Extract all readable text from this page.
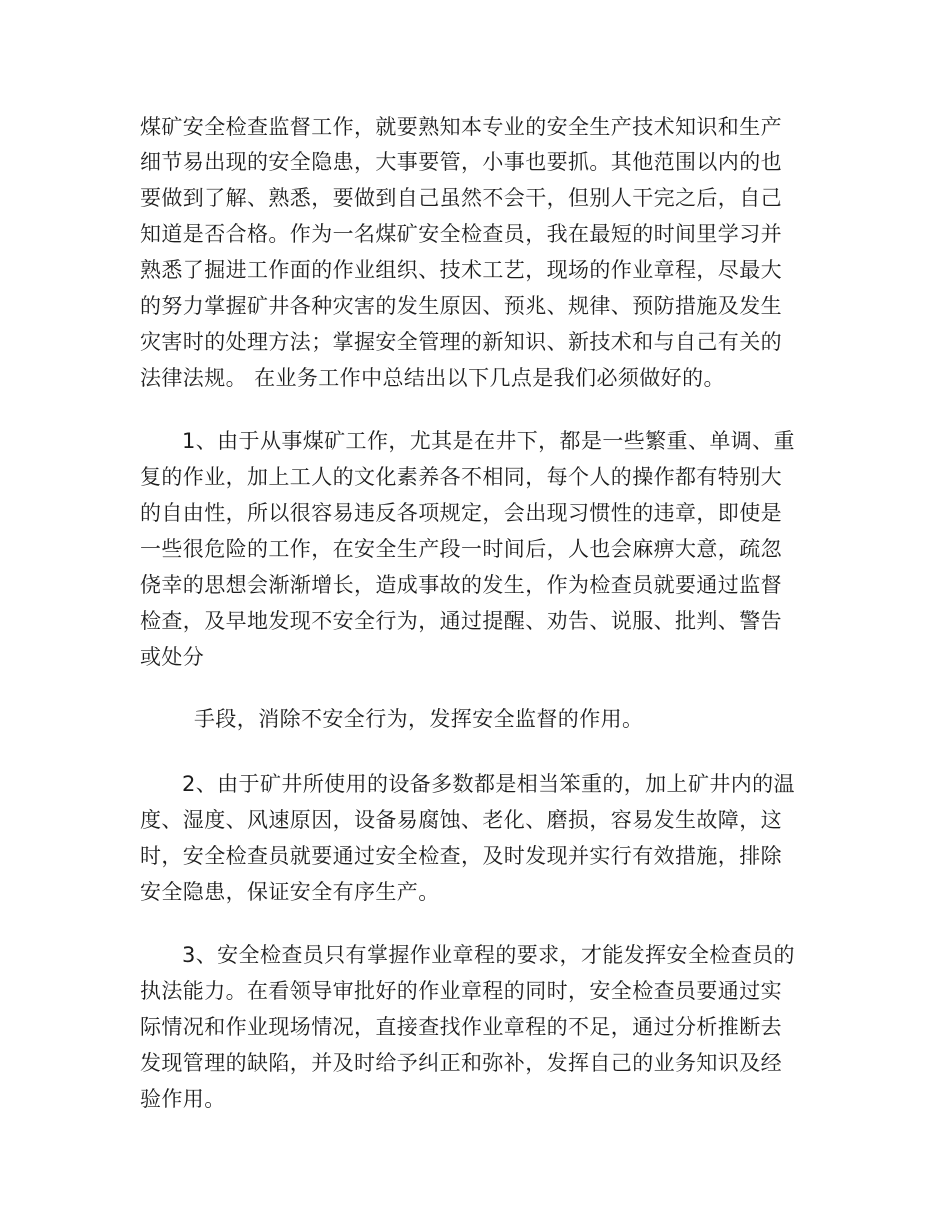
煤矿安全检查监督工作，就要熟知本专业的安全生产技术知识和生产
细节易出现的安全隐患，大事要管，小事也要抓。其他范围以内的也
要做到了解、熟悉，要做到自己虽然不会干，但别人干完之后，自己
知道是否合格。作为一名煤矿安全检查员，我在最短的时间里学习并
熟悉了掘进工作面的作业组织、技术工艺，现场的作业章程，尽最大
的努力掌握矿井各种灾害的发生原因、预兆、规律、预防措施及发生
灾害时的处理方法；掌握安全管理的新知识、新技术和与自己有关的
法律法规。 在业务工作中总结出以下几点是我们必须做好的。
1、由于从事煤矿工作，尤其是在井下，都是一些繁重、单调、重
复的作业，加上工人的文化素养各不相同，每个人的操作都有特别大
的自由性，所以很容易违反各项规定，会出现习惯性的违章，即使是
一些很危险的工作，在安全生产段一时间后，人也会麻痹大意，疏忽
侥幸的思想会渐渐增长，造成事故的发生，作为检查员就要通过监督
检查，及早地发现不安全行为，通过提醒、劝告、说服、批判、警告
或处分
手段，消除不安全行为，发挥安全监督的作用。
2、由于矿井所使用的设备多数都是相当笨重的，加上矿井内的温
度、湿度、风速原因，设备易腐蚀、老化、磨损，容易发生故障，这
时，安全检查员就要通过安全检查，及时发现并实行有效措施，排除
安全隐患，保证安全有序生产。
3、安全检查员只有掌握作业章程的要求，才能发挥安全检查员的
执法能力。在看领导审批好的作业章程的同时，安全检查员要通过实
际情况和作业现场情况，直接查找作业章程的不足，通过分析推断去
发现管理的缺陷，并及时给予纠正和弥补，发挥自己的业务知识及经
验作用。
